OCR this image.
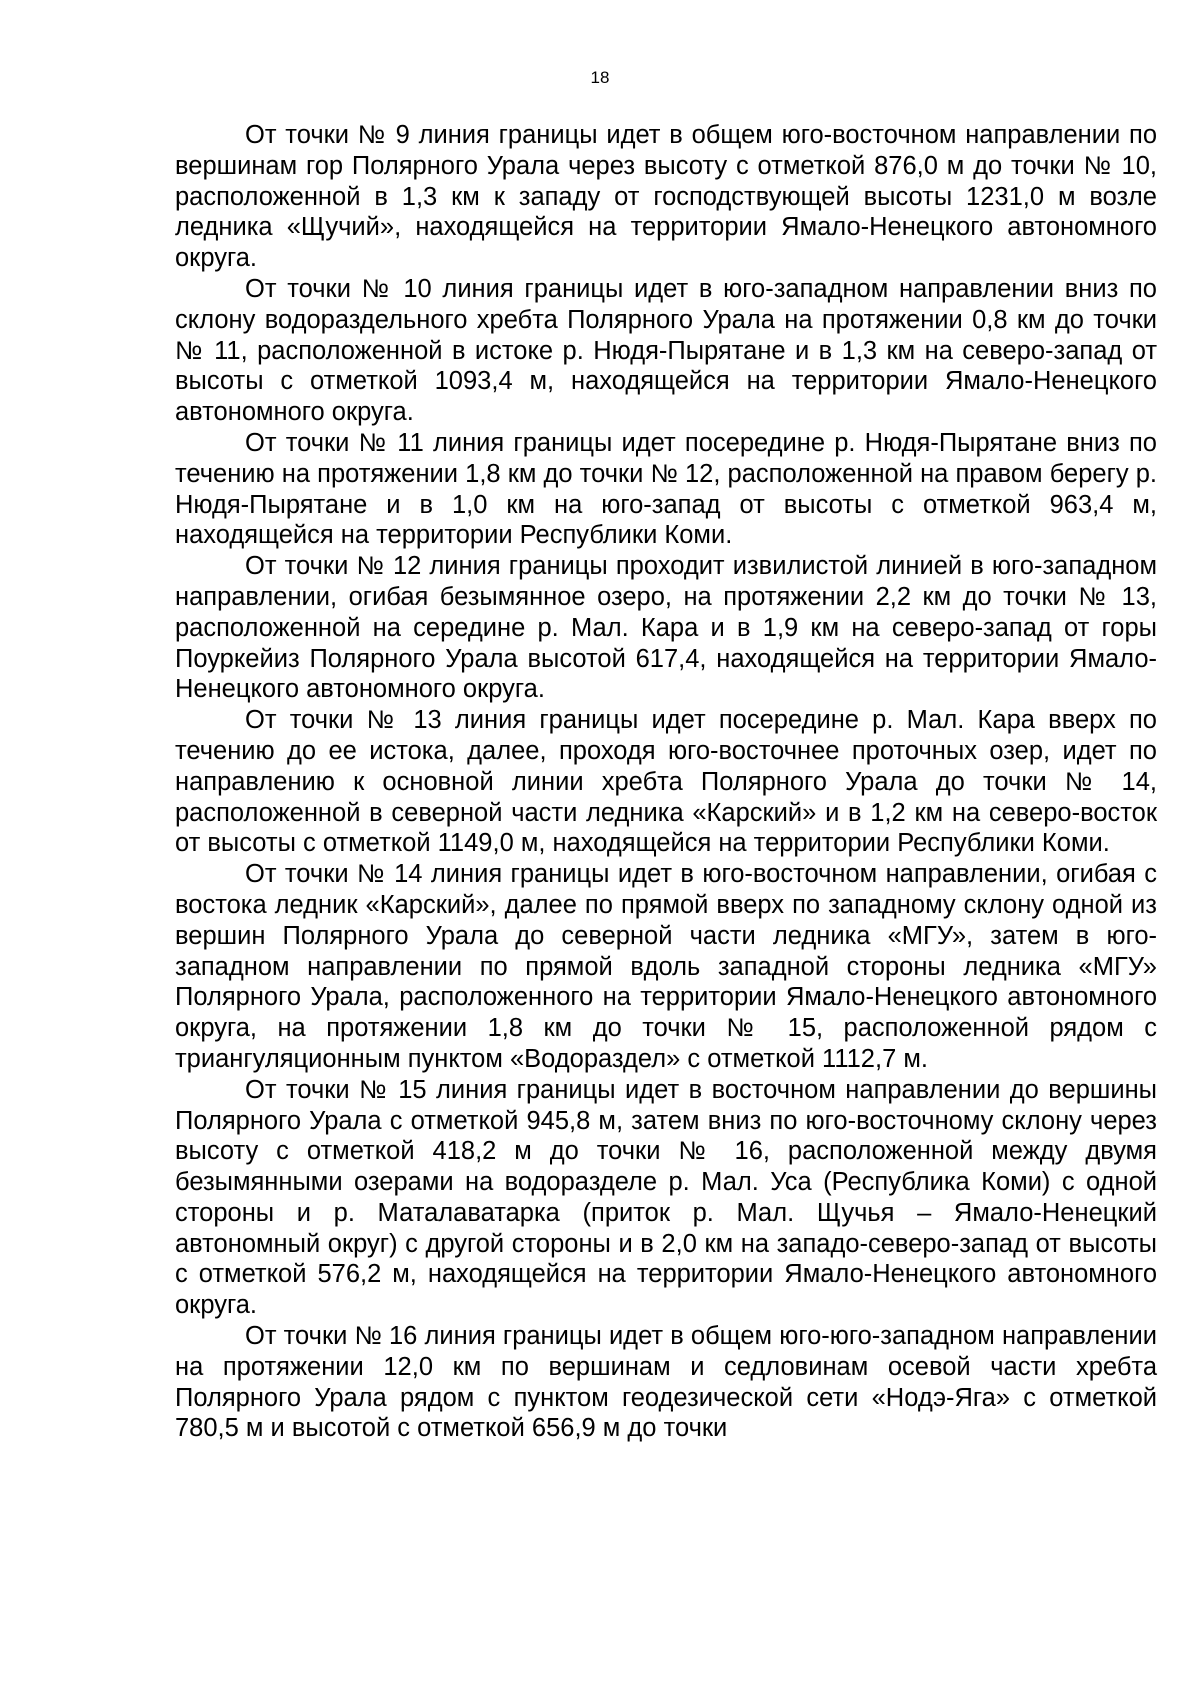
18

От точки № 9 линия границы идет в общем юго-восточном направлении по вершинам гор Полярного Урала через высоту с отметкой 876,0 м до точки № 10, расположенной в 1,3 км к западу от господствующей высоты 1231,0 м возле ледника «Щучий», находящейся на территории Ямало-Ненецкого автономного округа.

От точки № 10 линия границы идет в юго-западном направлении вниз по склону водораздельного хребта Полярного Урала на протяжении 0,8 км до точки № 11, расположенной в истоке р. Нюдя-Пырятане и в 1,3 км на северо-запад от высоты с отметкой 1093,4 м, находящейся на территории Ямало-Ненецкого автономного округа.

От точки № 11 линия границы идет посередине р. Нюдя-Пырятане вниз по течению на протяжении 1,8 км до точки № 12, расположенной на правом берегу р. Нюдя-Пырятане и в 1,0 км на юго-запад от высоты с отметкой 963,4 м, находящейся на территории Республики Коми.

От точки № 12 линия границы проходит извилистой линией в юго-западном направлении, огибая безымянное озеро, на протяжении 2,2 км до точки № 13, расположенной на середине р. Мал. Кара и в 1,9 км на северо-запад от горы Поуркейиз Полярного Урала высотой 617,4, находящейся на территории Ямало-Ненецкого автономного округа.

От точки № 13 линия границы идет посередине р. Мал. Кара вверх по течению до ее истока, далее, проходя юго-восточнее проточных озер, идет по направлению к основной линии хребта Полярного Урала до точки № 14, расположенной в северной части ледника «Карский» и в 1,2 км на северо-восток от высоты с отметкой 1149,0 м, находящейся на территории Республики Коми.

От точки № 14 линия границы идет в юго-восточном направлении, огибая с востока ледник «Карский», далее по прямой вверх по западному склону одной из вершин Полярного Урала до северной части ледника «МГУ», затем в юго-западном направлении по прямой вдоль западной стороны ледника «МГУ» Полярного Урала, расположенного на территории Ямало-Ненецкого автономного округа, на протяжении 1,8 км до точки № 15, расположенной рядом с триангуляционным пунктом «Водораздел» с отметкой 1112,7 м.

От точки № 15 линия границы идет в восточном направлении до вершины Полярного Урала с отметкой 945,8 м, затем вниз по юго-восточному склону через высоту с отметкой 418,2 м до точки № 16, расположенной между двумя безымянными озерами на водоразделе р. Мал. Уса (Республика Коми) с одной стороны и р. Маталаватарка (приток р. Мал. Щучья – Ямало-Ненецкий автономный округ) с другой стороны и в 2,0 км на западо-северо-запад от высоты с отметкой 576,2 м, находящейся на территории Ямало-Ненецкого автономного округа.

От точки № 16 линия границы идет в общем юго-юго-западном направлении на протяжении 12,0 км по вершинам и седловинам осевой части хребта Полярного Урала рядом с пунктом геодезической сети «Нодэ-Яга» с отметкой 780,5 м и высотой с отметкой 656,9 м до точки
